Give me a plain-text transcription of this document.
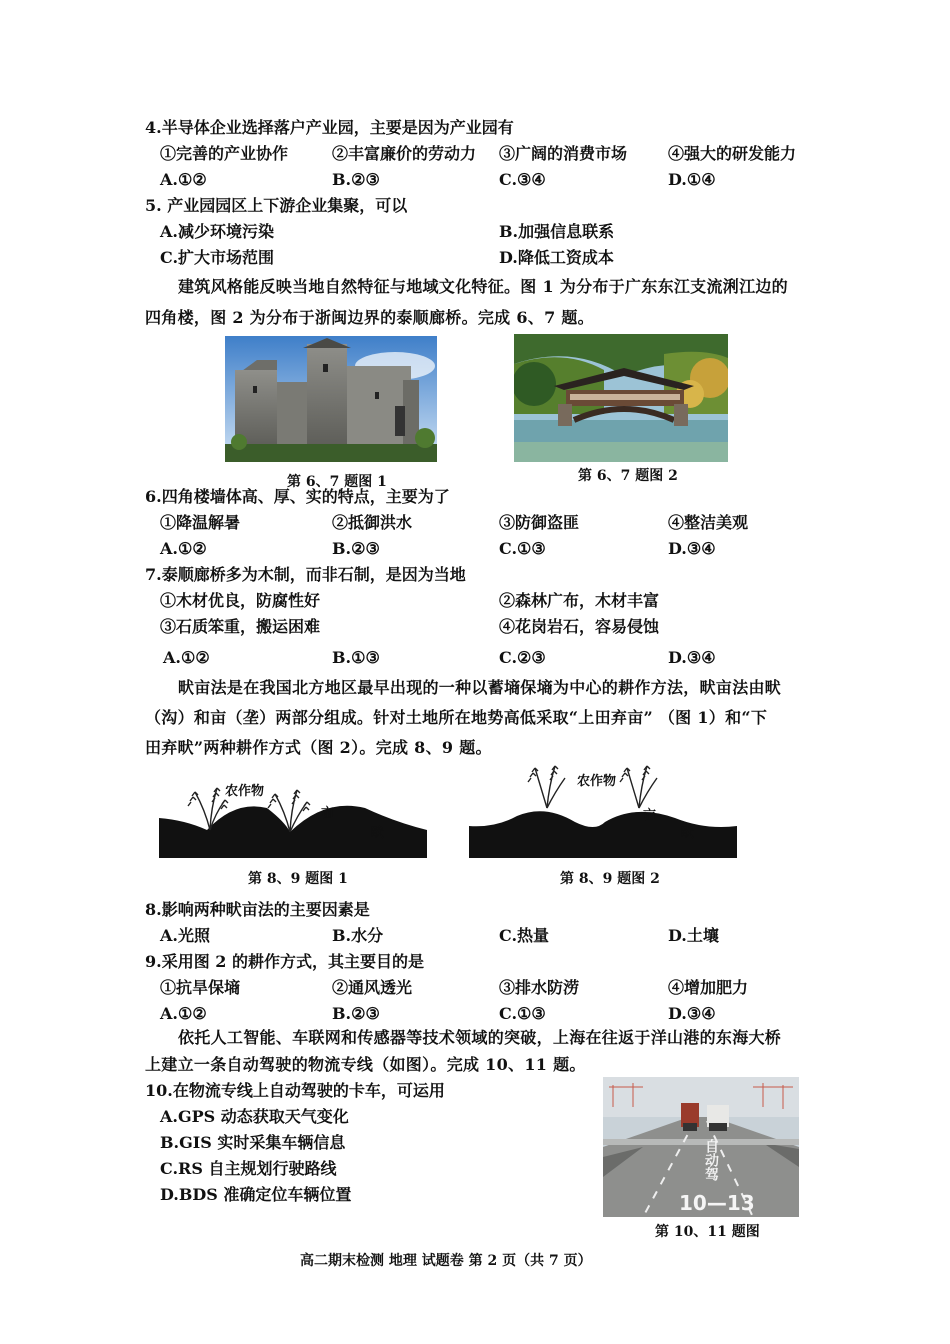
4.半导体企业选择落户产业园，主要是因为产业园有
①完善的产业协作	②丰富廉价的劳动力 ③广阔的消费市场	④强大的研发能力
A.①②	B.②③	C.③④	D.①④
5. 产业园园区上下游企业集聚，可以
A.减少环境污染	B.加强信息联系
C.扩大市场范围	D.降低工资成本
建筑风格能反映当地自然特征与地域文化特征。图 1 为分布于广东东江支流浰江边的
四角楼，图 2 为分布于浙闽边界的泰顺廊桥。完成 6、7 题。
第 6、7 题图 1	第 6、7 题图 2
6.四角楼墙体高、厚、实的特点，主要为了
①降温解暑	②抵御洪水	③防御盗匪	④整洁美观
A.①②	B.②③	C.①③	D.③④
7.泰顺廊桥多为木制，而非石制，是因为当地
①木材优良，防腐性好	②森林广布，木材丰富
③石质笨重，搬运困难	④花岗岩石，容易侵蚀
A.①②	B.①③	C.②③	D.③④
畎亩法是在我国北方地区最早出现的一种以蓄墒保墒为中心的耕作方法，畎亩法由畎
（沟）和亩（垄）两部分组成。针对土地所在地势高低采取“上田弃亩” （图 1）和“下
田弃畎”两种耕作方式（图 2）。完成 8、9 题。
农作物
亩
畎
第 8、9 题图 1
农作物
亩
畎
第 8、9 题图 2
8.影响两种畎亩法的主要因素是
A.光照	B.水分	C.热量	D.土壤
9.采用图 2 的耕作方式，其主要目的是
①抗旱保墒	②通风透光	③排水防涝	④增加肥力
A.①②	B.②③	C.①③	D.③④
依托人工智能、车联网和传感器等技术领域的突破，上海在往返于洋山港的东海大桥
上建立一条自动驾驶的物流专线（如图）。完成 10、11 题。
10.在物流专线上自动驾驶的卡车，可运用
A.GPS 动态获取天气变化
B.GIS 实时采集车辆信息
C.RS 自主规划行驶路线
D.BDS 准确定位车辆位置
自动驾
10—13
第 10、11 题图
高二期末检测 地理 试题卷 第 2 页（共 7 页）
